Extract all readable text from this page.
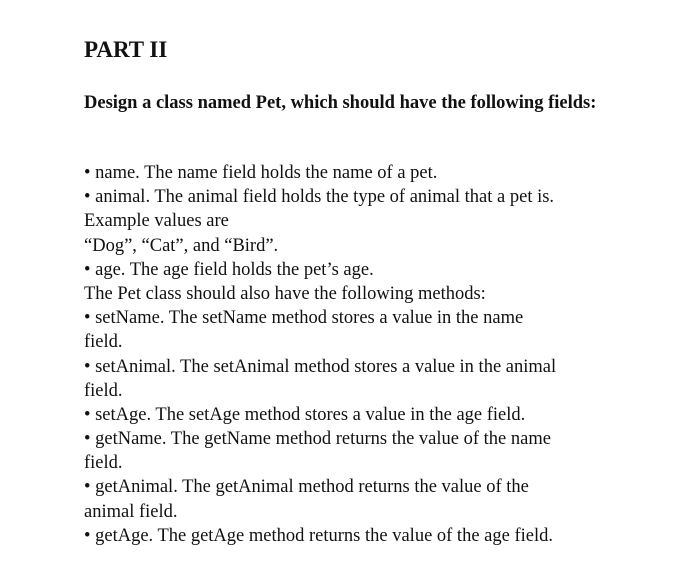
PART II
Design a class named Pet, which should have the following fields:
• name. The name field holds the name of a pet.
• animal. The animal field holds the type of animal that a pet is.
Example values are
“Dog”, “Cat”, and “Bird”.
• age. The age field holds the pet’s age.
The Pet class should also have the following methods:
• setName. The setName method stores a value in the name
field.
• setAnimal. The setAnimal method stores a value in the animal
field.
• setAge. The setAge method stores a value in the age field.
• getName. The getName method returns the value of the name
field.
• getAnimal. The getAnimal method returns the value of the
animal field.
• getAge. The getAge method returns the value of the age field.
